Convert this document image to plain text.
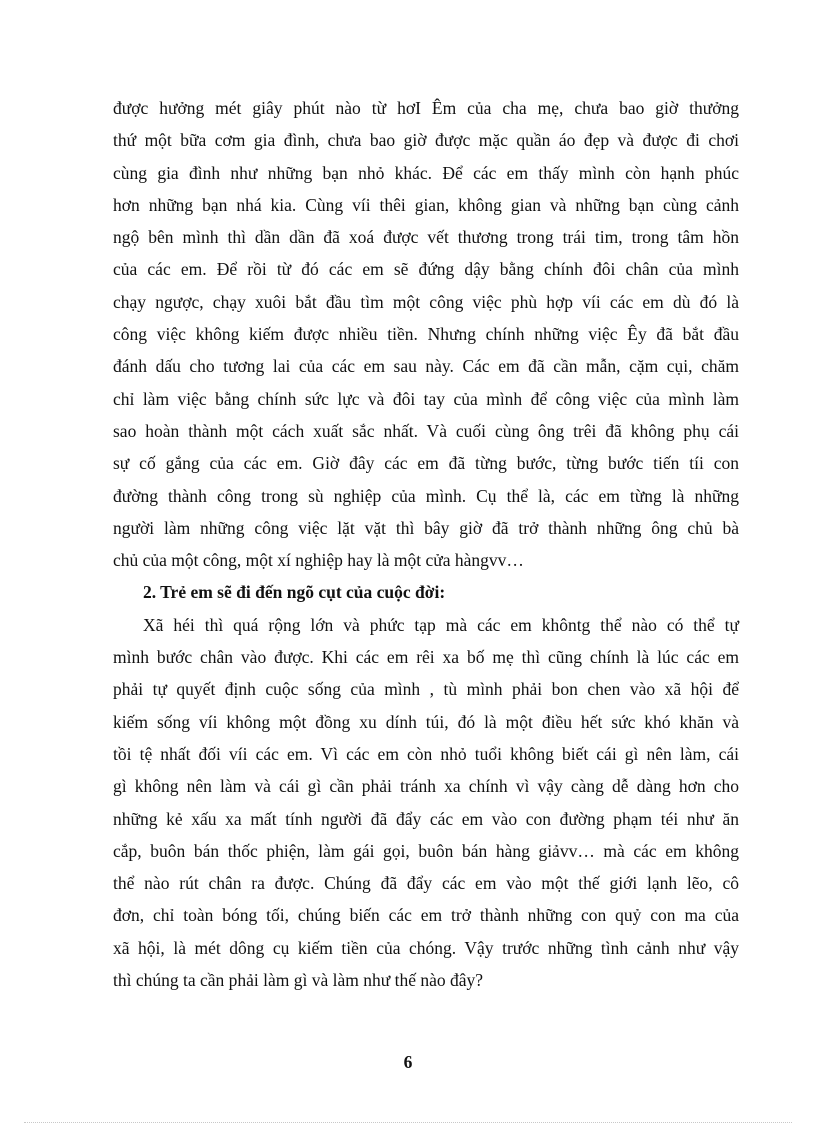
được hưởng mét giây phút nào từ hơI Êm của cha mẹ, chưa bao giờ thưởng
thứ một bữa cơm gia đình, chưa bao giờ được mặc quần áo đẹp và được đi chơi
cùng gia đình như những bạn nhỏ khác. Để các em thấy mình còn hạnh phúc
hơn những bạn nhá kia. Cùng víi thêi gian, không gian và những bạn cùng cảnh
ngộ bên mình thì dần dần đã xoá được vết thương trong trái tim, trong tâm hồn
của các em. Để rồi từ đó các em sẽ đứng dậy bằng chính đôi chân của mình
chạy ngược, chạy xuôi bắt đầu tìm một công việc phù hợp víi các em dù đó là
công việc không kiếm được nhiều tiền. Nhưng chính những việc Êy đã bắt đầu
đánh dấu cho tương lai của các em sau này. Các em đã cần mẫn, cặm cụi, chăm
chỉ làm việc bằng chính sức lực và đôi tay của mình để công việc của mình làm
sao hoàn thành một cách xuất sắc nhất. Và cuối cùng ông trêi đã không phụ cái
sự cố gắng của các em. Giờ đây các em đã từng bước, từng bước tiến tíi con
đường thành công trong sù nghiệp của mình. Cụ thể là, các em từng là những
người làm những công việc lặt vặt thì bây giờ đã trở thành những ông chủ bà
chủ của một công, một xí nghiệp hay là một cửa hàngvv…
2. Trẻ em sẽ đi đến ngõ cụt của cuộc đời:
Xã héi thì quá rộng lớn và phức tạp mà các em khôntg thể nào có thể tự
mình bước chân vào được. Khi các em rêi xa bố mẹ thì cũng chính là lúc các em
phải tự quyết định cuộc sống của mình , tù mình phải bon chen vào xã hội để
kiếm sống víi không một đồng xu dính túi, đó là một điều hết sức khó khăn và
tồi tệ nhất đối víi các em. Vì các em còn nhỏ tuổi không biết cái gì nên làm, cái
gì không nên làm và cái gì cần phải tránh xa chính vì vậy càng dễ dàng hơn cho
những kẻ xấu xa mất tính người đã đẩy các em vào con đường phạm téi như ăn
cắp, buôn bán thốc phiện, làm gái gọi, buôn bán hàng giảvv… mà các em không
thể nào rút chân ra được. Chúng đã đẩy các em vào một thế giới lạnh lẽo, cô
đơn, chỉ toàn bóng tối, chúng biến các em trở thành những con quỷ con ma của
xã hội, là mét dông cụ kiếm tiền của chóng. Vậy trước những tình cảnh như vậy
thì chúng ta cần phải làm gì và làm như thế nào đây?
6
